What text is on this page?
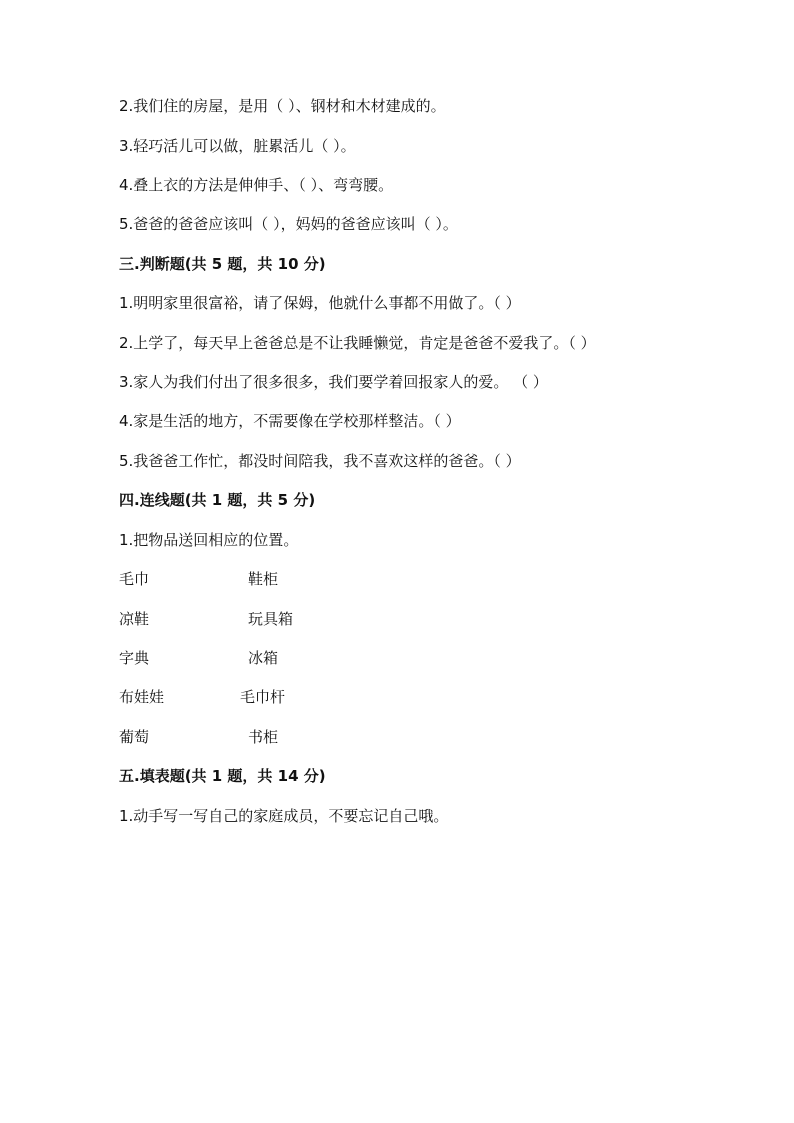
2.我们住的房屋，是用（ ）、钢材和木材建成的。
3.轻巧活儿可以做，脏累活儿（ ）。
4.叠上衣的方法是伸伸手、（ ）、弯弯腰。
5.爸爸的爸爸应该叫（ ），妈妈的爸爸应该叫（ ）。
三.判断题(共 5 题，共 10 分)
1.明明家里很富裕，请了保姆，他就什么事都不用做了。（ ）
2.上学了，每天早上爸爸总是不让我睡懒觉，肯定是爸爸不爱我了。（ ）
3.家人为我们付出了很多很多，我们要学着回报家人的爱。 （ ）
4.家是生活的地方，不需要像在学校那样整洁。（ ）
5.我爸爸工作忙，都没时间陪我，我不喜欢这样的爸爸。（ ）
四.连线题(共 1 题，共 5 分)
1.把物品送回相应的位置。
毛巾	鞋柜
凉鞋	玩具箱
字典	冰箱
布娃娃	毛巾杆
葡萄	书柜
五.填表题(共 1 题，共 14 分)
1.动手写一写自己的家庭成员，不要忘记自己哦。
